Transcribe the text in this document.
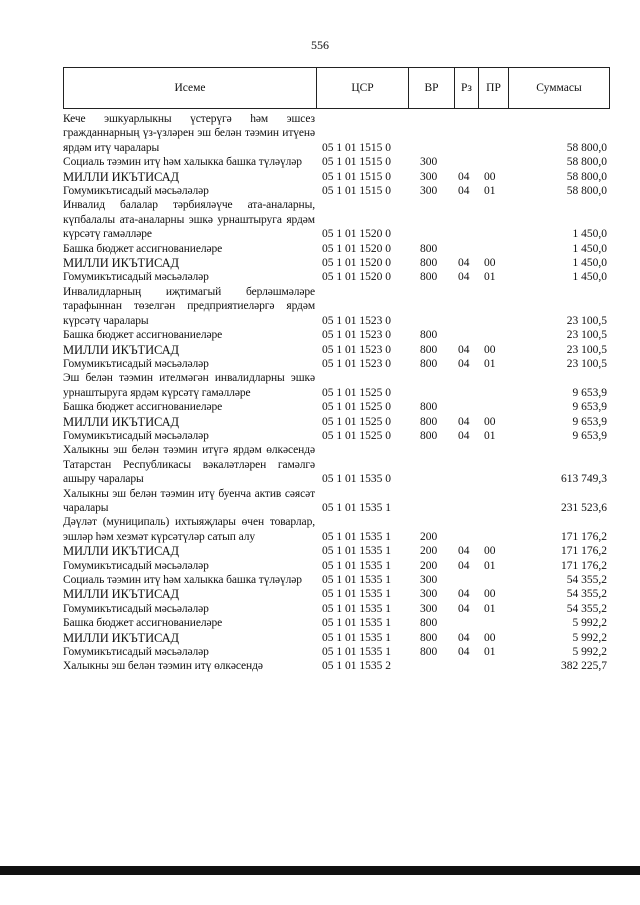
556
Исеме	ЦСР	ВР	Рз	ПР	Суммасы
Кече эшкуарлыкны үстерүгә һәм эшсез гражданнарның үз-үзләрен эш белән тәэмин итүенә ярдәм итү чаралары	05 1 01 1515 0	58 800,0
Социаль тәэмин итү һәм халыкка башка түләүләр	05 1 01 1515 0	300	58 800,0
МИЛЛИ ИКЪТИСАД	05 1 01 1515 0	300 04 00	58 800,0
Гомумикътисадый мәсьәләләр	05 1 01 1515 0	300 04 01	58 800,0
Инвалид балалар тәрбияләүче ата-аналарны, күпбалалы ата-аналарны эшкә урнаштыруга ярдәм күрсәтү гамәлләре	05 1 01 1520 0	1 450,0
Башка бюджет ассигнованиеләре	05 1 01 1520 0	800	1 450,0
МИЛЛИ ИКЪТИСАД	05 1 01 1520 0	800 04 00	1 450,0
Гомумикътисадый мәсьәләләр	05 1 01 1520 0	800 04 01	1 450,0
Инвалидларның иҗтимагый берләшмәләре тарафыннан төзелгән предприятиеләргә ярдәм күрсәтү чаралары	05 1 01 1523 0	23 100,5
Башка бюджет ассигнованиеләре	05 1 01 1523 0	800	23 100,5
МИЛЛИ ИКЪТИСАД	05 1 01 1523 0	800 04 00	23 100,5
Гомумикътисадый мәсьәләләр	05 1 01 1523 0	800 04 01	23 100,5
Эш белән тәэмин ителмәгән инвалидларны эшкә урнаштыруга ярдәм күрсәтү гамәлләре	05 1 01 1525 0	9 653,9
Башка бюджет ассигнованиеләре	05 1 01 1525 0	800	9 653,9
МИЛЛИ ИКЪТИСАД	05 1 01 1525 0	800 04 00	9 653,9
Гомумикътисадый мәсьәләләр	05 1 01 1525 0	800 04 01	9 653,9
Халыкны эш белән тәэмин итүгә ярдәм өлкәсендә Татарстан Республикасы вәкаләтләрен гамәлгә ашыру чаралары	05 1 01 1535 0	613 749,3
Халыкны эш белән тәэмин итү буенча актив сәясәт чаралары	05 1 01 1535 1	231 523,6
Дәүләт (муниципаль) ихтыяҗлары өчен товарлар, эшләр һәм хезмәт күрсәтүләр сатып алу	05 1 01 1535 1	200	171 176,2
МИЛЛИ ИКЪТИСАД	05 1 01 1535 1	200 04 00	171 176,2
Гомумикътисадый мәсьәләләр	05 1 01 1535 1	200 04 01	171 176,2
Социаль тәэмин итү һәм халыкка башка түләүләр	05 1 01 1535 1	300	54 355,2
МИЛЛИ ИКЪТИСАД	05 1 01 1535 1	300 04 00	54 355,2
Гомумикътисадый мәсьәләләр	05 1 01 1535 1	300 04 01	54 355,2
Башка бюджет ассигнованиеләре	05 1 01 1535 1	800	5 992,2
МИЛЛИ ИКЪТИСАД	05 1 01 1535 1	800 04 00	5 992,2
Гомумикътисадый мәсьәләләр	05 1 01 1535 1	800 04 01	5 992,2
Халыкны эш белән тәэмин итү өлкәсендә	05 1 01 1535 2	382 225,7
